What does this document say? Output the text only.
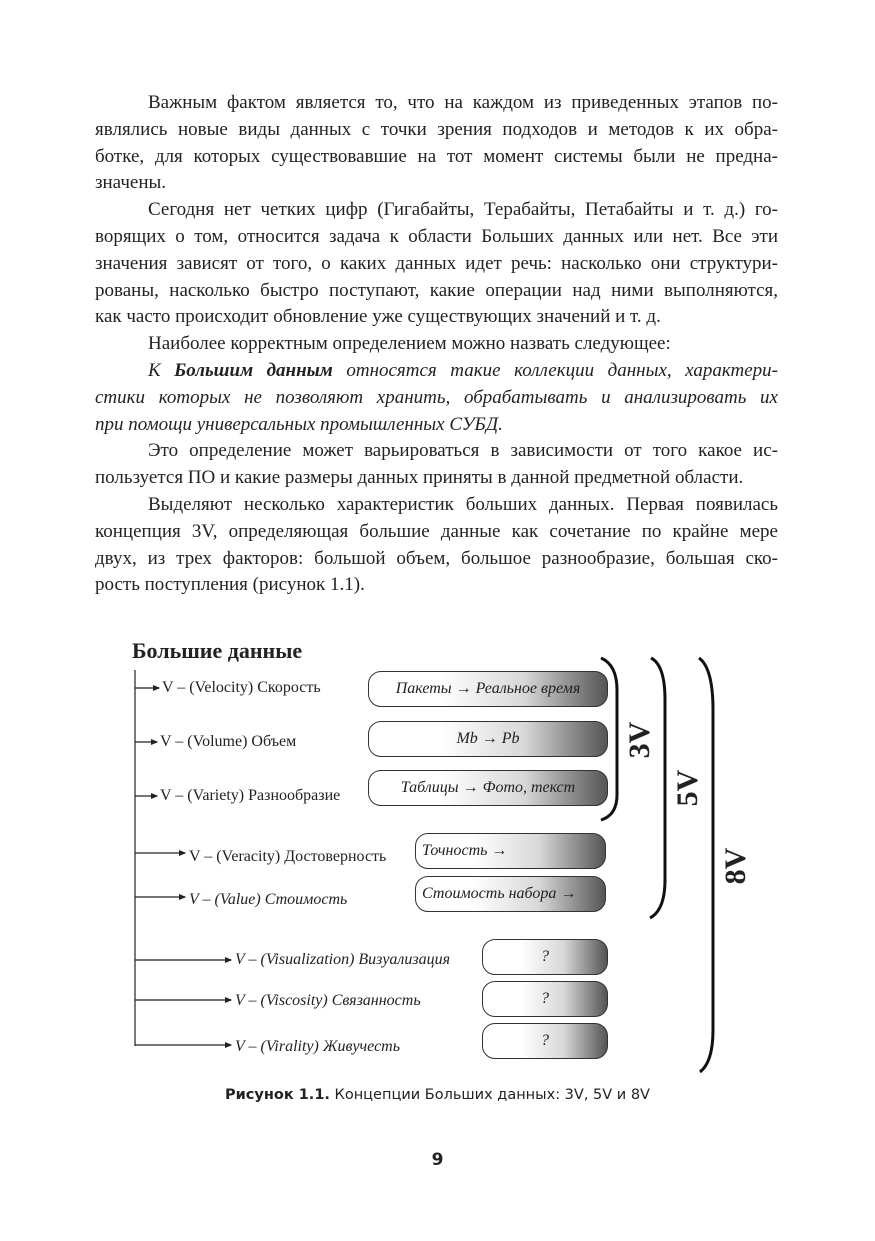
Важным фактом является то, что на каждом из приведенных этапов по-
являлись новые виды данных с точки зрения подходов и методов к их обра-
ботке, для которых существовавшие на тот момент системы были не предна-
значены.
Сегодня нет четких цифр (Гигабайты, Терабайты, Петабайты и т. д.) го-
ворящих о том, относится задача к области Больших данных или нет. Все эти
значения зависят от того, о каких данных идет речь: насколько они структури-
рованы, насколько быстро поступают, какие операции над ними выполняются,
как часто происходит обновление уже существующих значений и т. д.
Наиболее корректным определением можно назвать следующее:
К Большим данным относятся такие коллекции данных, характери-
стики которых не позволяют хранить, обрабатывать и анализировать их
при помощи универсальных промышленных СУБД.
Это определение может варьироваться в зависимости от того какое ис-
пользуется ПО и какие размеры данных приняты в данной предметной области.
Выделяют несколько характеристик больших данных. Первая появилась
концепция 3V, определяющая большие данные как сочетание по крайне мере
двух, из трех факторов: большой объем, большое разнообразие, большая ско-
рость поступления (рисунок 1.1).
Большие данные
V – (Velocity) Скорость
V – (Volume) Объем
V – (Variety) Разнообразие
V – (Veracity) Достоверность
V – (Value) Стоимость
V – (Visualization) Визуализация
V – (Viscosity) Связанность
V – (Virality) Живучесть
Пакеты → Реальное время
Mb → Pb
Таблицы → Фото, текст
Точность →
Стоимость набора →
?
?
?
3V
5V
8V
Рисунок 1.1. Концепции Больших данных: 3V, 5V и 8V
9
